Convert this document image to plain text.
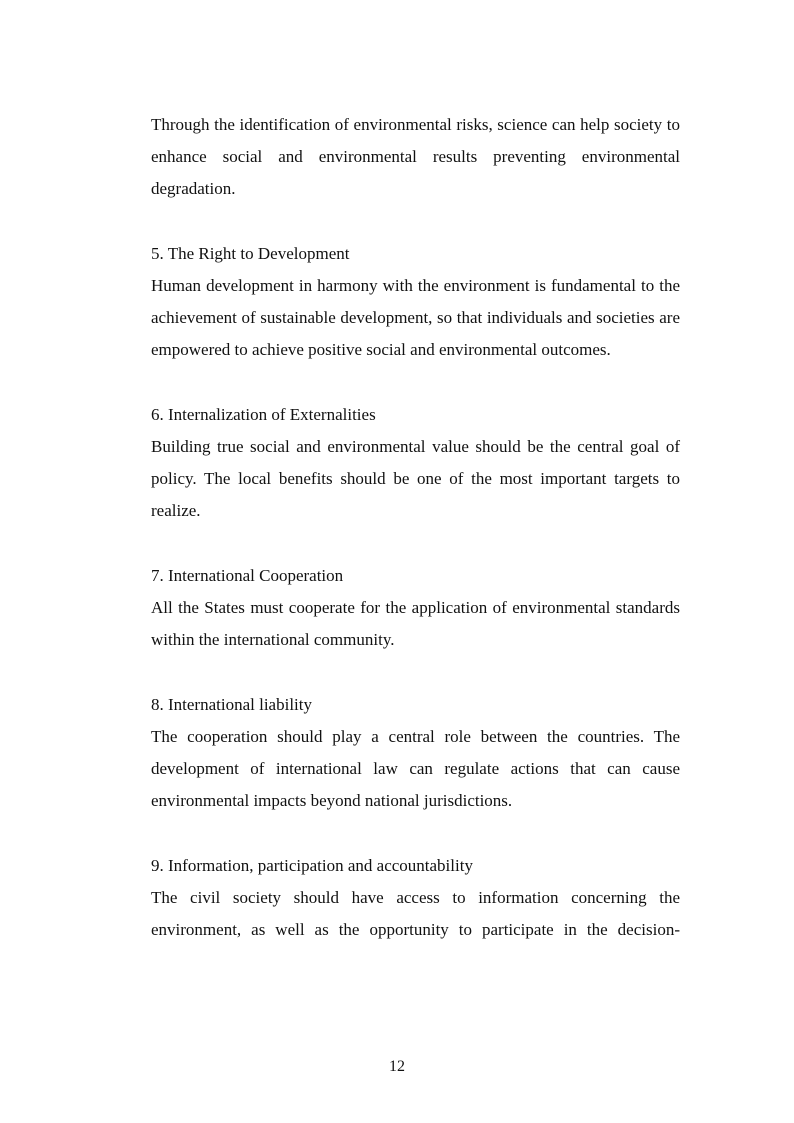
Through the identification of environmental risks, science can help society to enhance social and environmental results preventing environmental degradation.

5. The Right to Development

Human development in harmony with the environment is fundamental to the achievement of sustainable development, so that individuals and societies are empowered to achieve positive social and environmental outcomes.

6. Internalization of Externalities

Building true social and environmental value should be the central goal of policy. The local benefits should be one of the most important targets to realize.

7. International Cooperation

All the States must cooperate for the application of environmental standards within the international community.

8. International liability

The cooperation should play a central role between the countries. The development of international law can regulate actions that can cause environmental impacts beyond national jurisdictions.

9. Information, participation and accountability

The civil society should have access to information concerning the environment, as well as the opportunity to participate in the decision-

12
